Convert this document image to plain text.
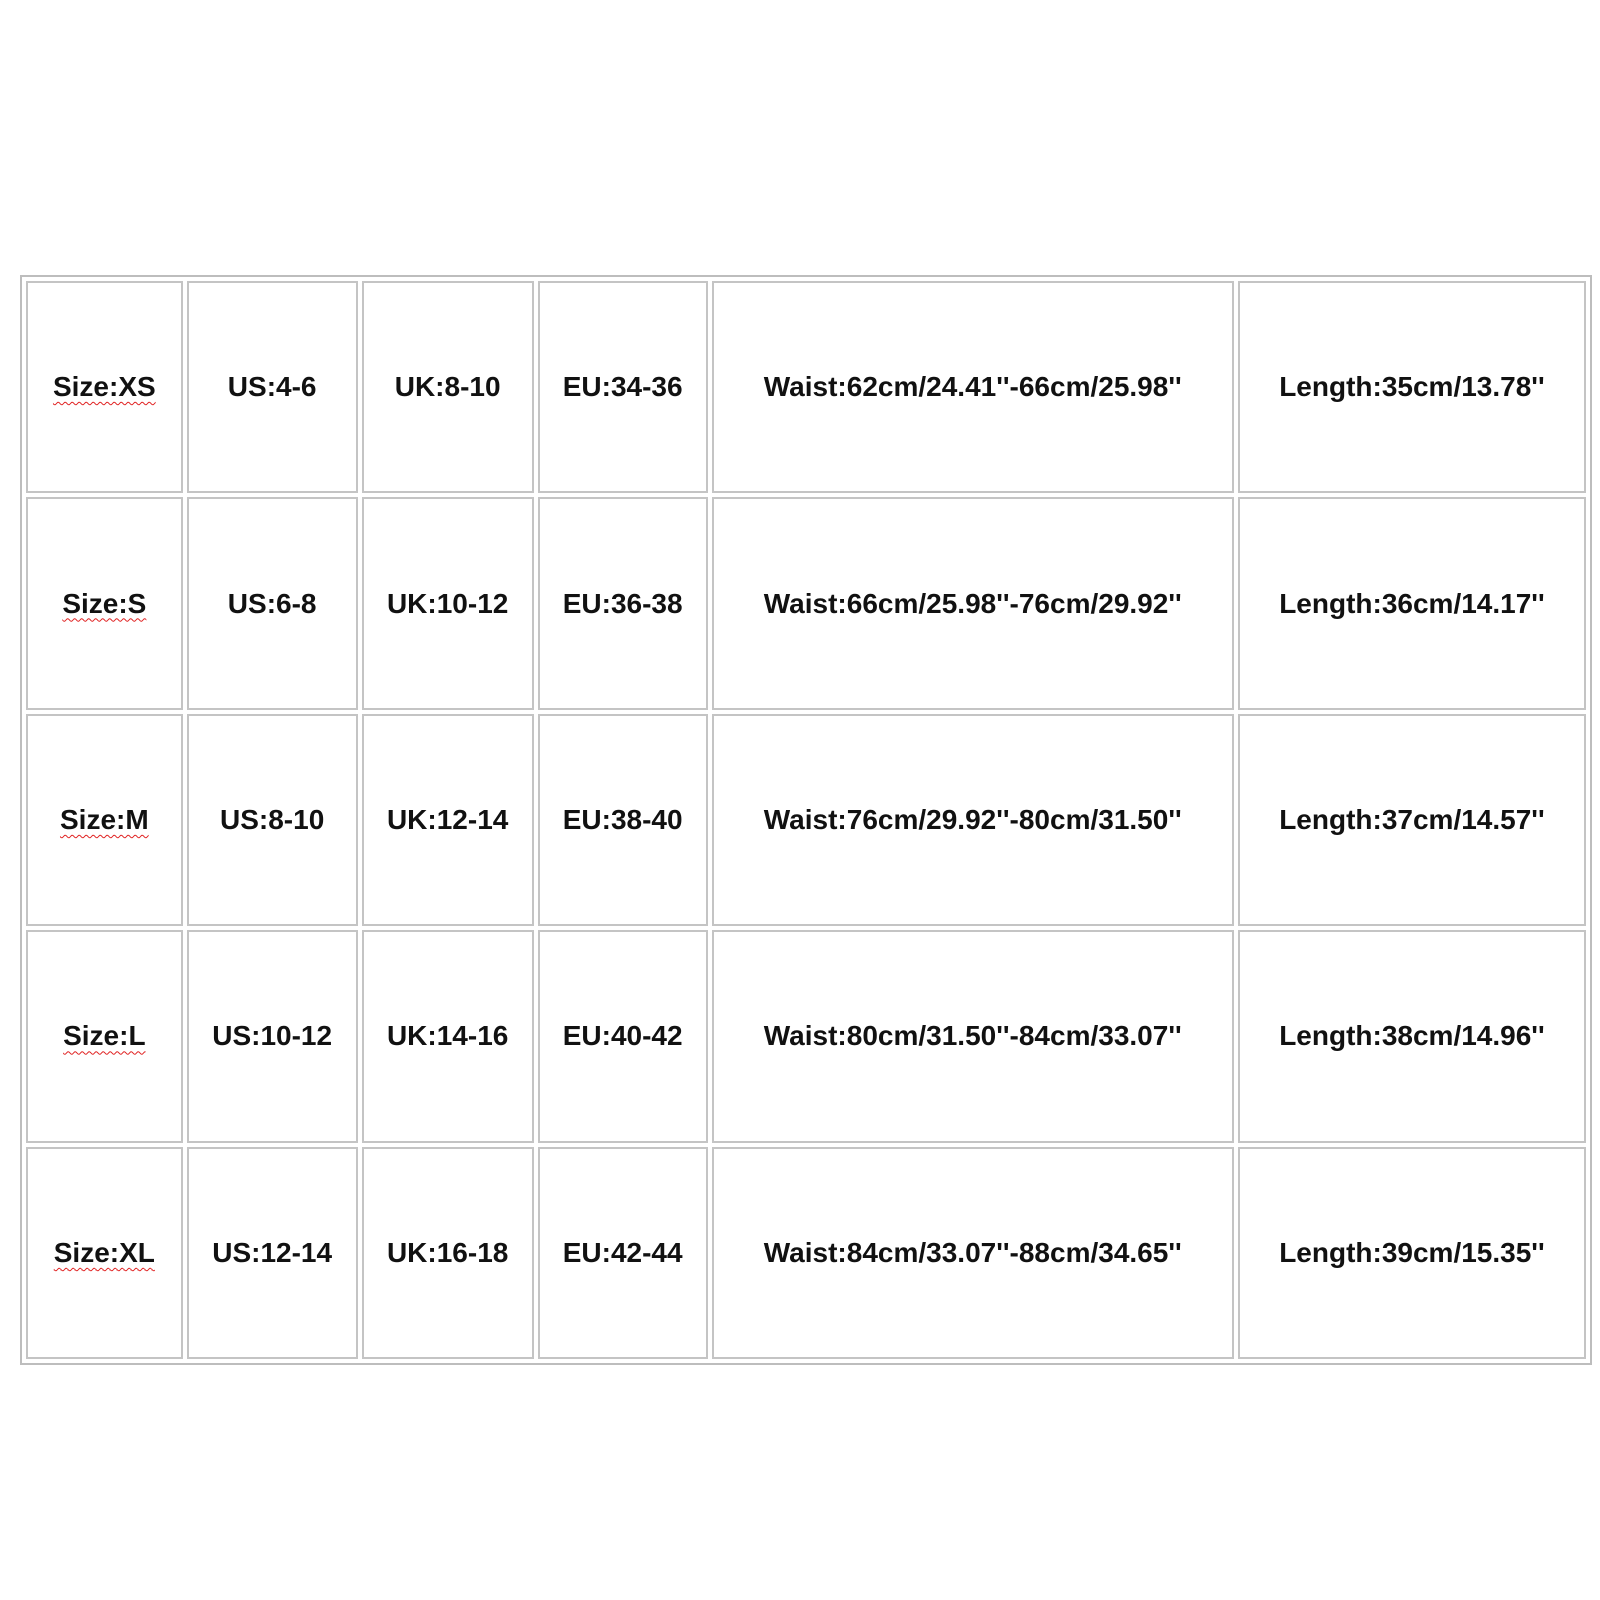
Size:XS	US:4-6	UK:8-10	EU:34-36	Waist:62cm/24.41''-66cm/25.98''	Length:35cm/13.78''
Size:S	US:6-8	UK:10-12	EU:36-38	Waist:66cm/25.98''-76cm/29.92''	Length:36cm/14.17''
Size:M	US:8-10	UK:12-14	EU:38-40	Waist:76cm/29.92''-80cm/31.50''	Length:37cm/14.57''
Size:L	US:10-12	UK:14-16	EU:40-42	Waist:80cm/31.50''-84cm/33.07''	Length:38cm/14.96''
Size:XL	US:12-14	UK:16-18	EU:42-44	Waist:84cm/33.07''-88cm/34.65''	Length:39cm/15.35''
